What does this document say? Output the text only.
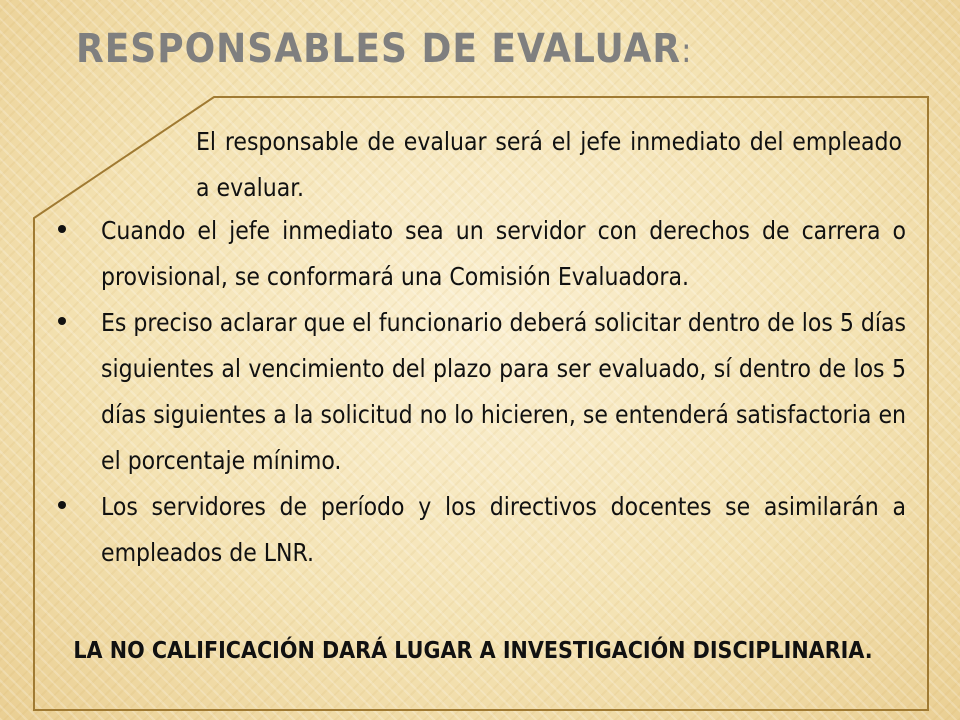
RESPONSABLES DE EVALUAR:

El responsable de evaluar será el jefe inmediato del empleado a evaluar.

Cuando el jefe inmediato sea un servidor con derechos de carrera o provisional, se conformará una Comisión Evaluadora.

Es preciso aclarar que el funcionario deberá solicitar dentro de los 5 días siguientes al vencimiento del plazo para ser evaluado, sí dentro de los 5 días siguientes a la solicitud no lo hicieren, se entenderá satisfactoria en el porcentaje mínimo.

Los servidores de período y los directivos docentes se asimilarán a empleados de LNR.

LA NO CALIFICACIÓN DARÁ LUGAR A INVESTIGACIÓN DISCIPLINARIA.
